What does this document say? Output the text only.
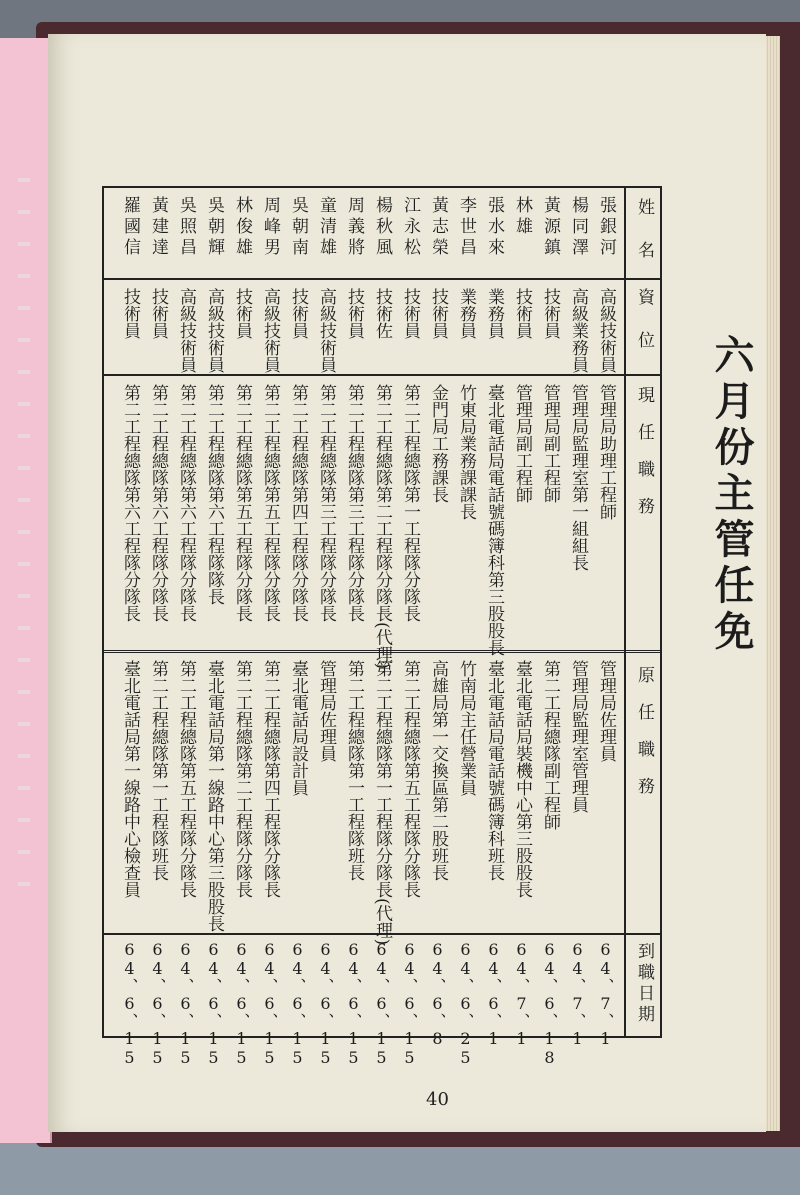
六月份主管任免
40
姓名
資位
現任職務
原任職務
到職日期
張銀河
高級技術員
管理局助理工程師
管理局佐理員
64、7、1
楊同澤
高級業務員
管理局監理室第一組組長
管理局監理室管理員
64、7、1
黃源鎮
技術員
管理局副工程師
第二工程總隊副工程師
64、6、18
林雄
技術員
管理局副工程師
臺北電話局裝機中心第三股股長
64、7、1
張水來
業務員
臺北電話局電話號碼簿科第三股股長
臺北電話局電話號碼簿科班長
64、6、1
李世昌
業務員
竹東局業務課課長
竹南局主任營業員
64、6、25
黃志榮
技術員
金門局工務課長
高雄局第一交換區第二股班長
64、6、8
江永松
技術員
第二工程總隊第一工程隊分隊長
第二工程總隊第五工程隊分隊長
64、6、15
楊秋風
技術佐
第二工程總隊第二工程隊分隊長(代理)
第二工程總隊第一工程隊分隊長(代理)
64、6、15
周義將
技術員
第二工程總隊第三工程隊分隊長
第二工程總隊第一工程隊班長
64、6、15
童清雄
高級技術員
第二工程總隊第三工程隊分隊長
管理局佐理員
64、6、15
吳朝南
技術員
第二工程總隊第四工程隊分隊長
臺北電話局設計員
64、6、15
周峰男
高級技術員
第二工程總隊第五工程隊分隊長
第二工程總隊第四工程隊分隊長
64、6、15
林俊雄
技術員
第二工程總隊第五工程隊分隊長
第二工程總隊第二工程隊分隊長
64、6、15
吳朝輝
高級技術員
第二工程總隊第六工程隊隊長
臺北電話局第一線路中心第三股股長
64、6、15
吳照昌
高級技術員
第二工程總隊第六工程隊分隊長
第二工程總隊第五工程隊分隊長
64、6、15
黃建達
技術員
第二工程總隊第六工程隊分隊長
第二工程總隊第一工程隊班長
64、6、15
羅國信
技術員
第二工程總隊第六工程隊分隊長
臺北電話局第一線路中心檢查員
64、6、15
